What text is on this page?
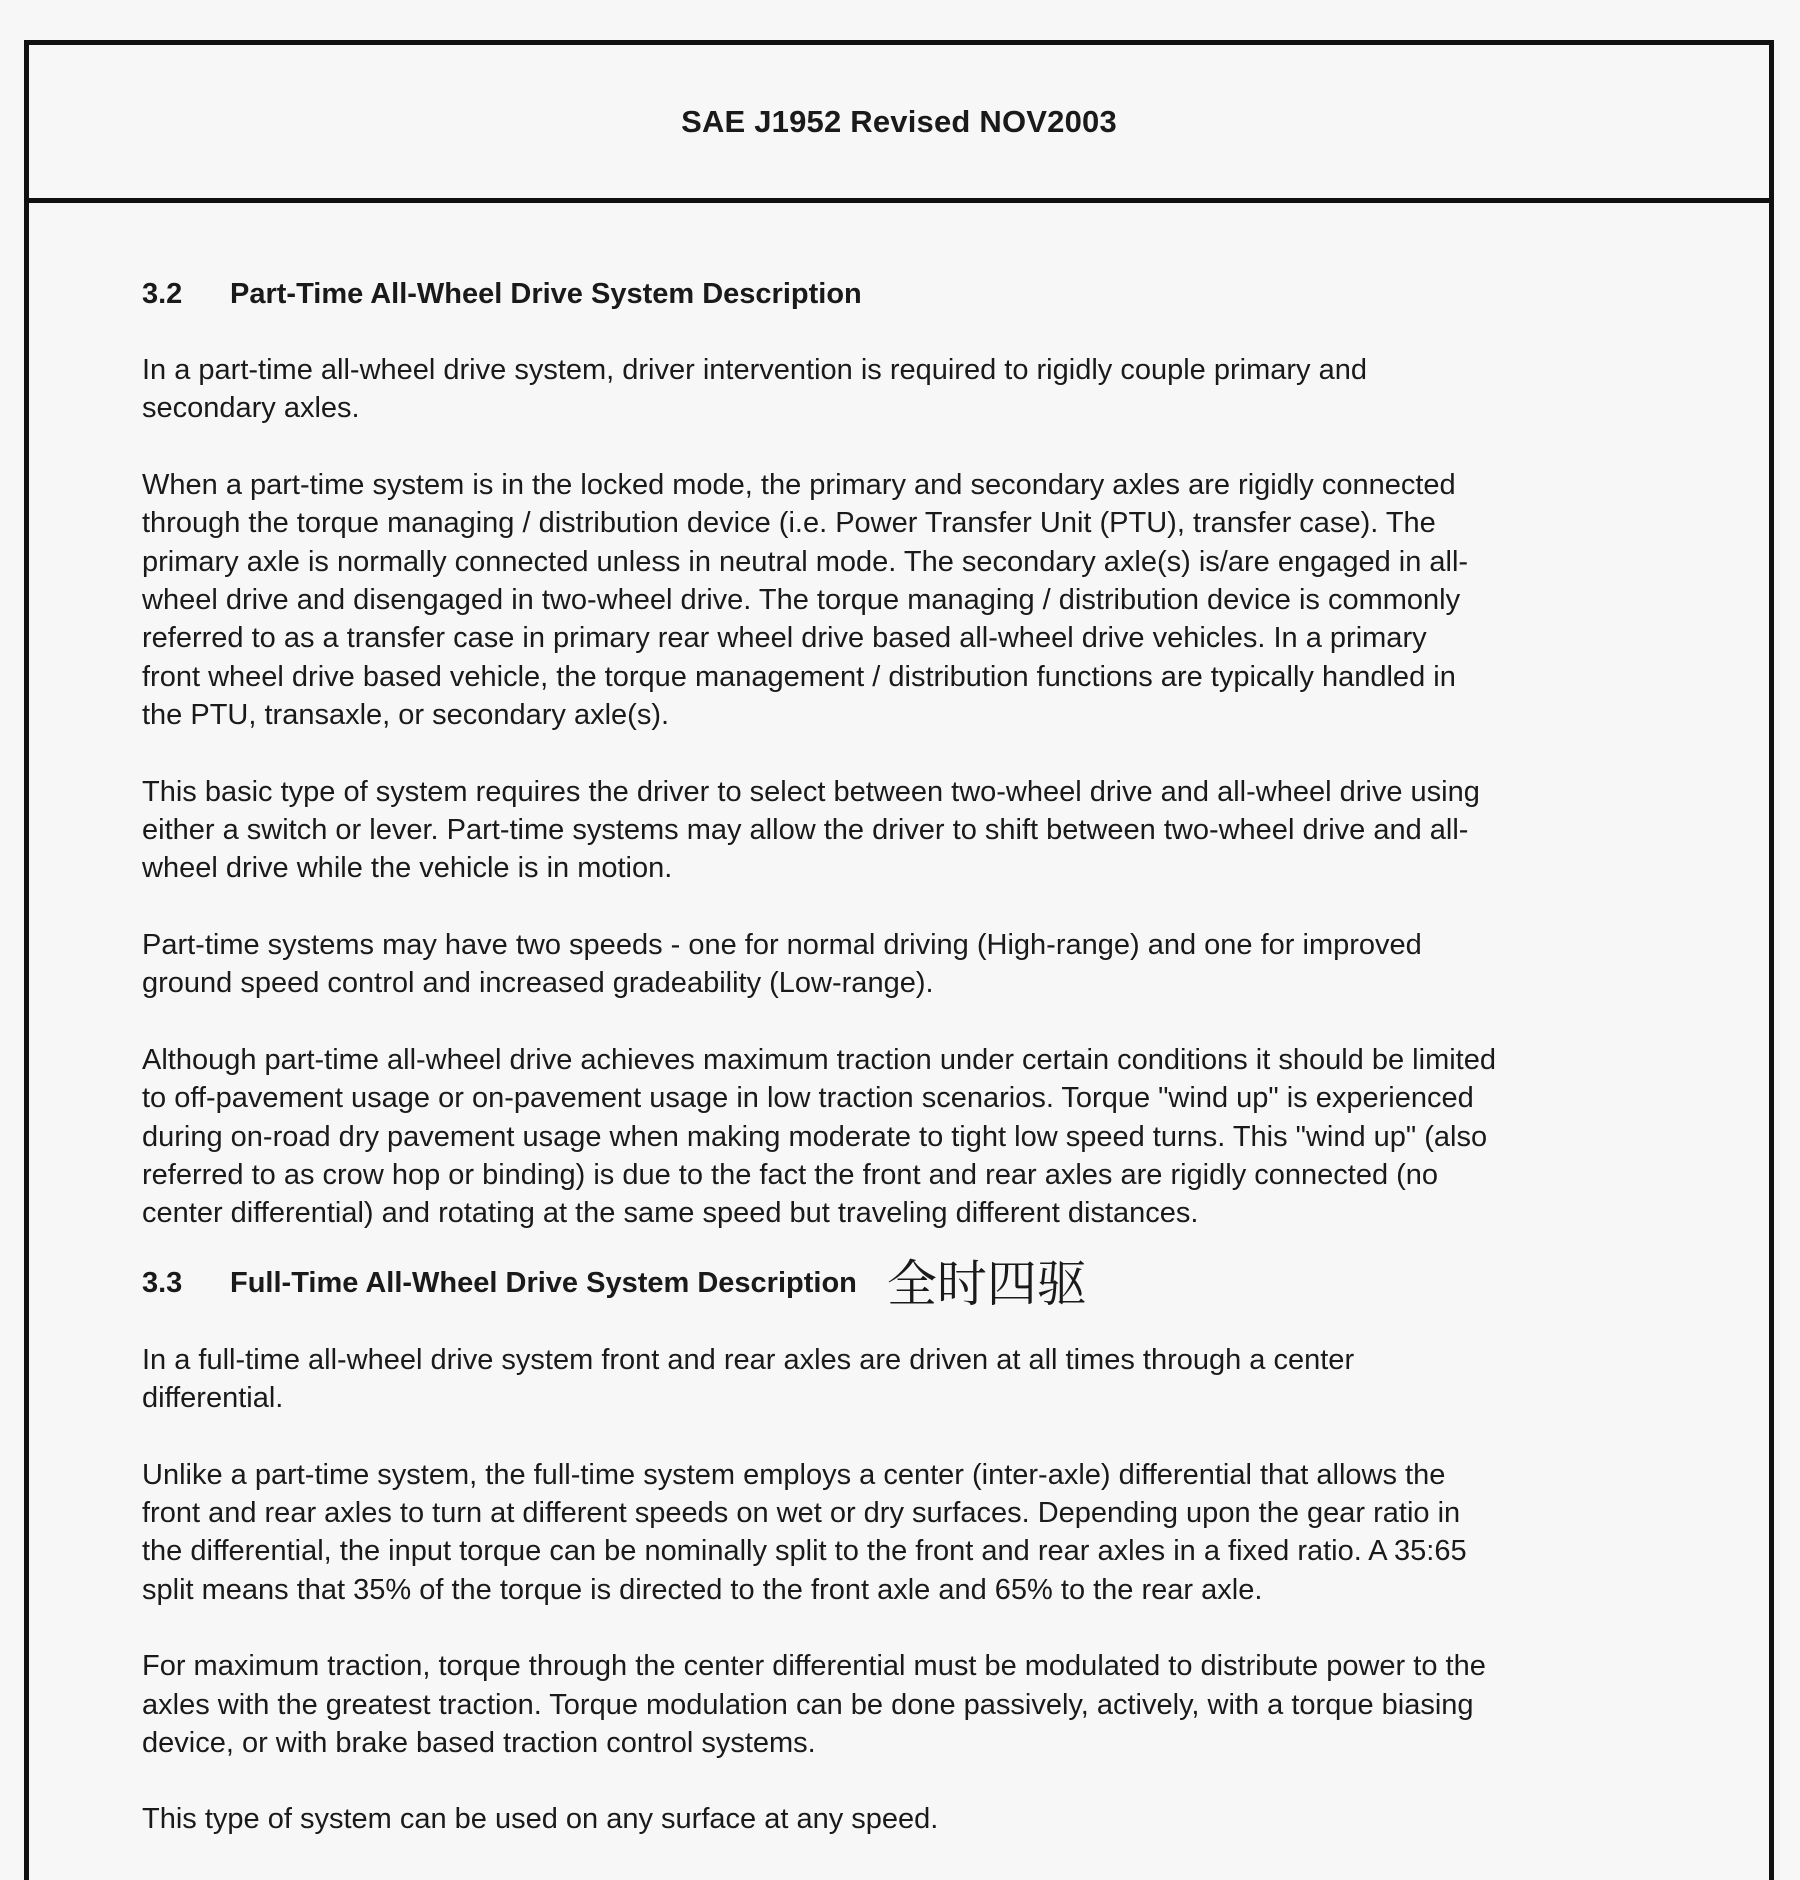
SAE J1952 Revised NOV2003
3.2	Part-Time All-Wheel Drive System Description

In a part-time all-wheel drive system, driver intervention is required to rigidly couple primary and
secondary axles.

When a part-time system is in the locked mode, the primary and secondary axles are rigidly connected
through the torque managing / distribution device (i.e. Power Transfer Unit (PTU), transfer case). The
primary axle is normally connected unless in neutral mode. The secondary axle(s) is/are engaged in all-
wheel drive and disengaged in two-wheel drive. The torque managing / distribution device is commonly
referred to as a transfer case in primary rear wheel drive based all-wheel drive vehicles. In a primary
front wheel drive based vehicle, the torque management / distribution functions are typically handled in
the PTU, transaxle, or secondary axle(s).

This basic type of system requires the driver to select between two-wheel drive and all-wheel drive using
either a switch or lever. Part-time systems may allow the driver to shift between two-wheel drive and all-
wheel drive while the vehicle is in motion.

Part-time systems may have two speeds - one for normal driving (High-range) and one for improved
ground speed control and increased gradeability (Low-range).

Although part-time all-wheel drive achieves maximum traction under certain conditions it should be limited
to off-pavement usage or on-pavement usage in low traction scenarios. Torque "wind up" is experienced
during on-road dry pavement usage when making moderate to tight low speed turns. This "wind up" (also
referred to as crow hop or binding) is due to the fact the front and rear axles are rigidly connected (no
center differential) and rotating at the same speed but traveling different distances.

3.3	Full-Time All-Wheel Drive System Description 全时四驱

In a full-time all-wheel drive system front and rear axles are driven at all times through a center
differential.

Unlike a part-time system, the full-time system employs a center (inter-axle) differential that allows the
front and rear axles to turn at different speeds on wet or dry surfaces. Depending upon the gear ratio in
the differential, the input torque can be nominally split to the front and rear axles in a fixed ratio. A 35:65
split means that 35% of the torque is directed to the front axle and 65% to the rear axle.

For maximum traction, torque through the center differential must be modulated to distribute power to the
axles with the greatest traction. Torque modulation can be done passively, actively, with a torque biasing
device, or with brake based traction control systems.

This type of system can be used on any surface at any speed.
